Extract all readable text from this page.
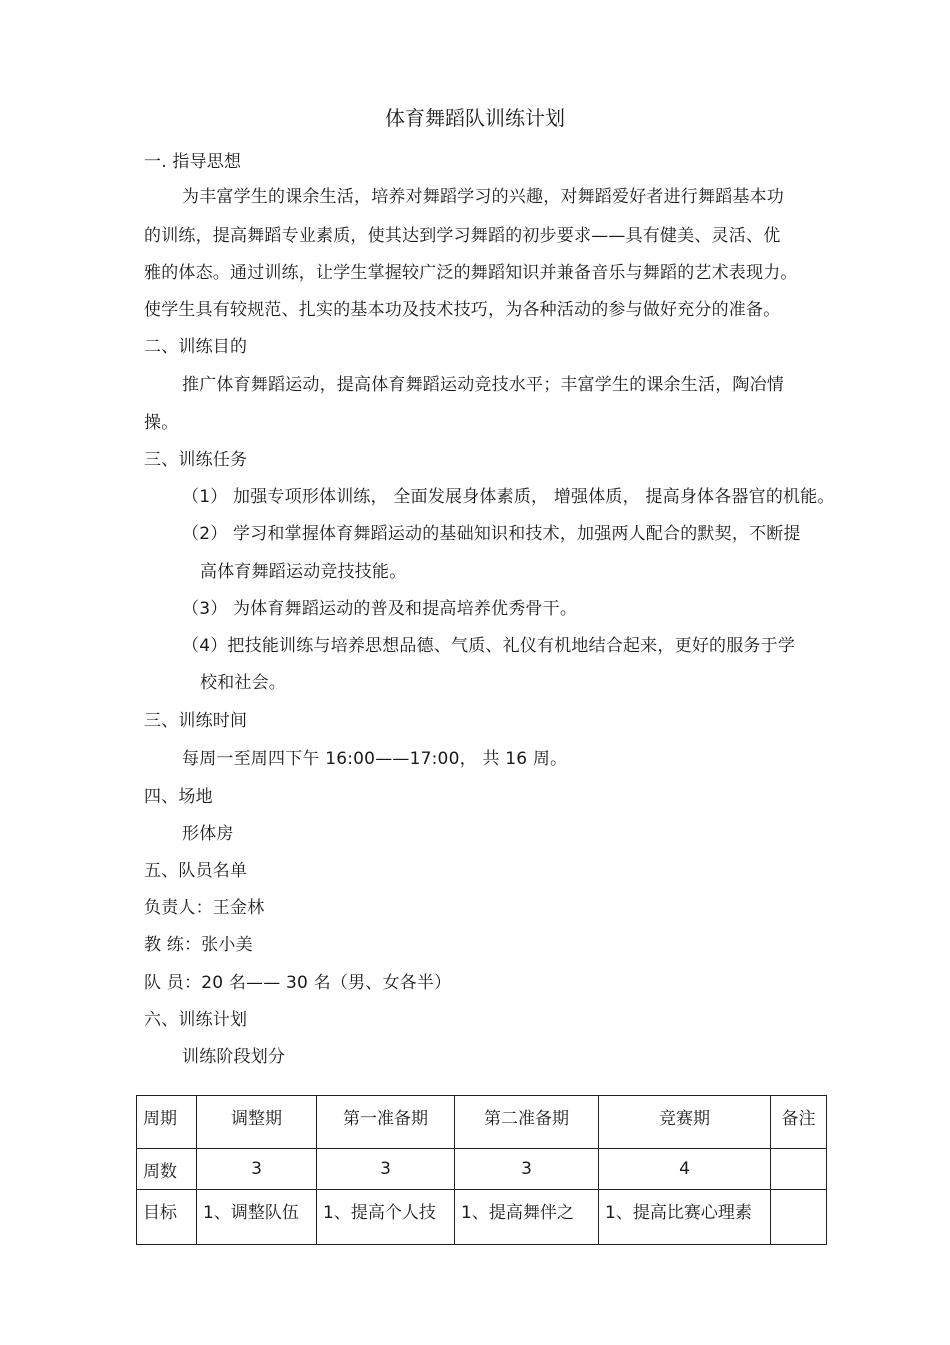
体育舞蹈队训练计划
一. 指导思想
为丰富学生的课余生活，培养对舞蹈学习的兴趣，对舞蹈爱好者进行舞蹈基本功
的训练，提高舞蹈专业素质，使其达到学习舞蹈的初步要求——具有健美、灵活、优
雅的体态。通过训练，让学生掌握较广泛的舞蹈知识并兼备音乐与舞蹈的艺术表现力。
使学生具有较规范、扎实的基本功及技术技巧，为各种活动的参与做好充分的准备。
二、训练目的
推广体育舞蹈运动，提高体育舞蹈运动竞技水平；丰富学生的课余生活，陶冶情
操。
三、训练任务
（1） 加强专项形体训练， 全面发展身体素质， 增强体质， 提高身体各器官的机能。
（2） 学习和掌握体育舞蹈运动的基础知识和技术，加强两人配合的默契，不断提
高体育舞蹈运动竞技技能。
（3） 为体育舞蹈运动的普及和提高培养优秀骨干。
（4）把技能训练与培养思想品德、气质、礼仪有机地结合起来，更好的服务于学
校和社会。
三、训练时间
每周一至周四下午 16:00——17:00， 共 16 周。
四、场地
形体房
五、队员名单
负责人：王金林
教 练：张小美
队 员：20 名—— 30 名（男、女各半）
六、训练计划
训练阶段划分
周期	调整期	第一准备期	第二准备期	竞赛期	备注
周数	3	3	3	4	
目标	1、调整队伍	1、提高个人技	1、提高舞伴之	1、提高比赛心理素	
